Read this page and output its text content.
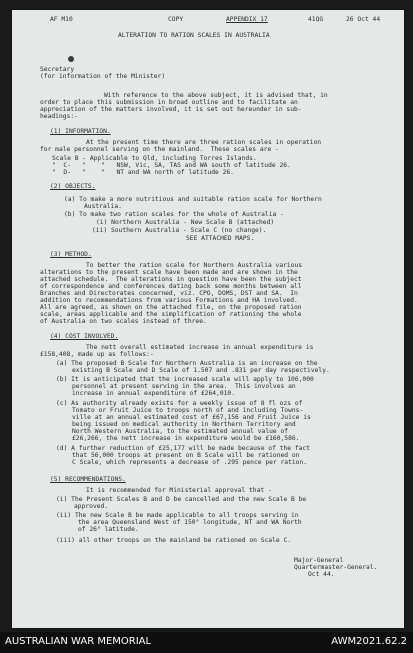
AF M10	COPY	APPENDIX 17	41QG	26 Oct 44
ALTERATION TO RATION SCALES IN AUSTRALIA
Secretary
(for information of the Minister)
With reference to the above subject, it is advised that, in
order to place this submission in broad outline and to facilitate an
appreciation of the matters involved, it is set out hereunder in sub-
headings:-
(1) INFORMATION.
At the present time there are three ration scales in operation
for male personnel serving on the mainland.  These scales are -
Scale B - Applicable to Qld, including Torres Islands.
"  C-   "    "   NSW, Vic, SA, TAS and WA south of latitude 26.
"  D-   "    "   NT and WA north of latitude 26.
(2) OBJECTS.
(a) To make a more nutritious and suitable ration scale for Northern
Australia.
(b) To make two ration scales for the whole of Australia -
(i) Northern Australia - New Scale B (attached)
(ii) Southern Australia - Scale C (no change).
SEE ATTACHED MAPS.
(3) METHOD.
To better the ration scale for Northern Australia various
alterations to the present scale have been made and are shown in the
attached schedule.  The alterations in question have been the subject
of correspondence and conferences dating back some months between all
Branches and Directorates concerned, viz. CPO, DOMS, DST and SA.  In
addition to recommendations from various Formations and HA involved.
All are agreed, as shown on the attached file, on the proposed ration
scale, areas applicable and the simplification of rationing the whole
of Australia on two scales instead of three.
(4) COST INVOLVED.
The nett overall estimated increase in annual expenditure is
£158,408, made up as follows:-
(a) The proposed B Scale for Northern Australia is an increase on the
existing B Scale and D Scale of 1.507 and .831 per day respectively.
(b) It is anticipated that the increased scale will apply to 106,000
personnel at present serving in the area.  This involves an
increase in annual expenditure of £264,010.
(c) As authority already exists for a weekly issue of 8 fl ozs of
Tomato or Fruit Juice to troops north of and including Towns-
ville at an annual estimated cost of £67,156 and Fruit Juice is
being issued on medical authority in Northern Territory and
North Western Australia, to the estimated annual value of
£26,266, the nett increase in expenditure would be £160,586.
(d) A further reduction of £25,177 will be made because of the fact
that 56,000 troops at present on B Scale will be rationed on
C Scale, which represents a decrease of .295 pence per ration.
(5) RECOMMENDATIONS.
It is recommended for Ministerial approval that -
(i) The Present Scales B and D be cancelled and the new Scale B be
approved.
(ii) The new Scale B be made applicable to all troops serving in
the area Queensland West of 150° longitude, NT and WA North
of 26° latitude.
(iii) all other troops on the mainland be rationed on Scale C.
Major-General
Quartermaster-General.
Oct 44.
AUSTRALIAN WAR MEMORIAL	AWM2021.62.2
